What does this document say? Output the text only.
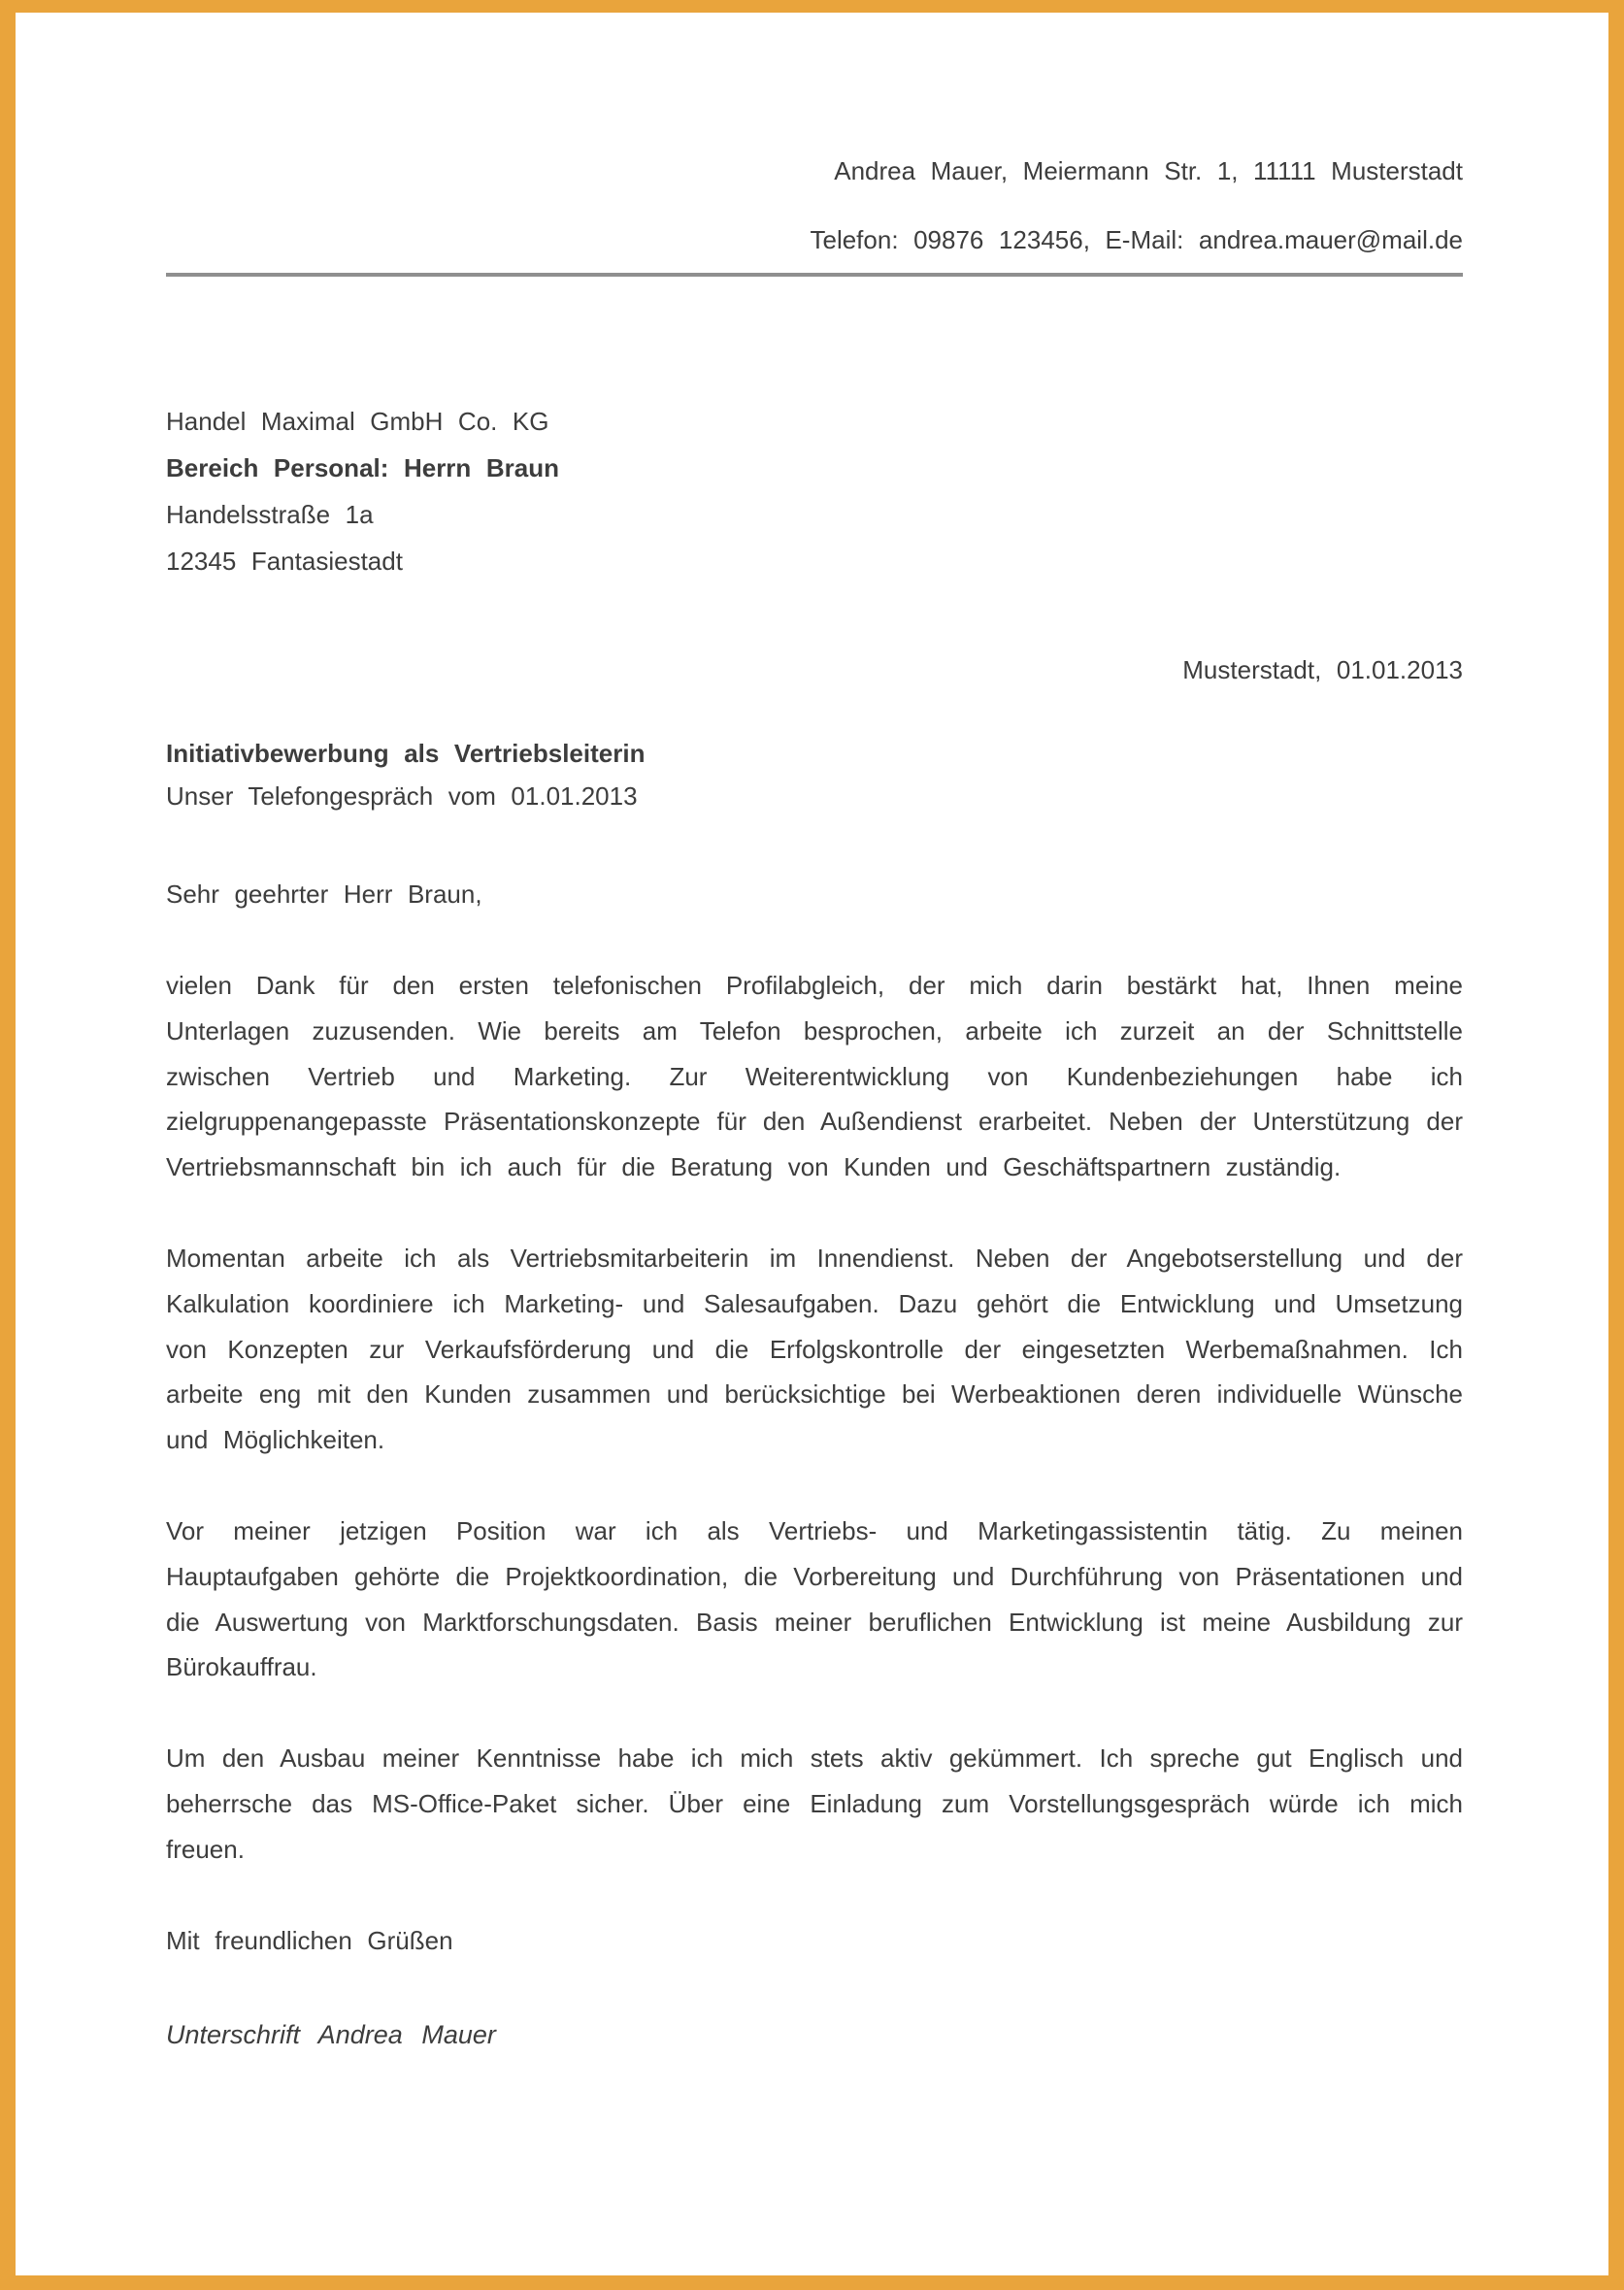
Andrea Mauer, Meiermann Str. 1, 11111 Musterstadt
Telefon: 09876 123456, E-Mail: andrea.mauer@mail.de
Handel Maximal GmbH Co. KG
Bereich Personal: Herrn Braun
Handelsstraße 1a
12345 Fantasiestadt
Musterstadt, 01.01.2013
Initiativbewerbung als Vertriebsleiterin
Unser Telefongespräch vom 01.01.2013
Sehr geehrter Herr Braun,

vielen Dank für den ersten telefonischen Profilabgleich, der mich darin bestärkt hat, Ihnen meine Unterlagen zuzusenden. Wie bereits am Telefon besprochen, arbeite ich zurzeit an der Schnittstelle zwischen Vertrieb und Marketing. Zur Weiterentwicklung von Kundenbeziehungen habe ich zielgruppenangepasste Präsentationskonzepte für den Außendienst erarbeitet. Neben der Unterstützung der Vertriebsmannschaft bin ich auch für die Beratung von Kunden und Geschäftspartnern zuständig.

Momentan arbeite ich als Vertriebsmitarbeiterin im Innendienst. Neben der Angebotserstellung und der Kalkulation koordiniere ich Marketing- und Salesaufgaben. Dazu gehört die Entwicklung und Umsetzung von Konzepten zur Verkaufsförderung und die Erfolgskontrolle der eingesetzten Werbemaßnahmen. Ich arbeite eng mit den Kunden zusammen und berücksichtige bei Werbeaktionen deren individuelle Wünsche und Möglichkeiten.

Vor meiner jetzigen Position war ich als Vertriebs- und Marketingassistentin tätig. Zu meinen Hauptaufgaben gehörte die Projektkoordination, die Vorbereitung und Durchführung von Präsentationen und die Auswertung von Marktforschungsdaten. Basis meiner beruflichen Entwicklung ist meine Ausbildung zur Bürokauffrau.

Um den Ausbau meiner Kenntnisse habe ich mich stets aktiv gekümmert. Ich spreche gut Englisch und beherrsche das MS-Office-Paket sicher. Über eine Einladung zum Vorstellungsgespräch würde ich mich freuen.

Mit freundlichen Grüßen
Unterschrift Andrea Mauer
